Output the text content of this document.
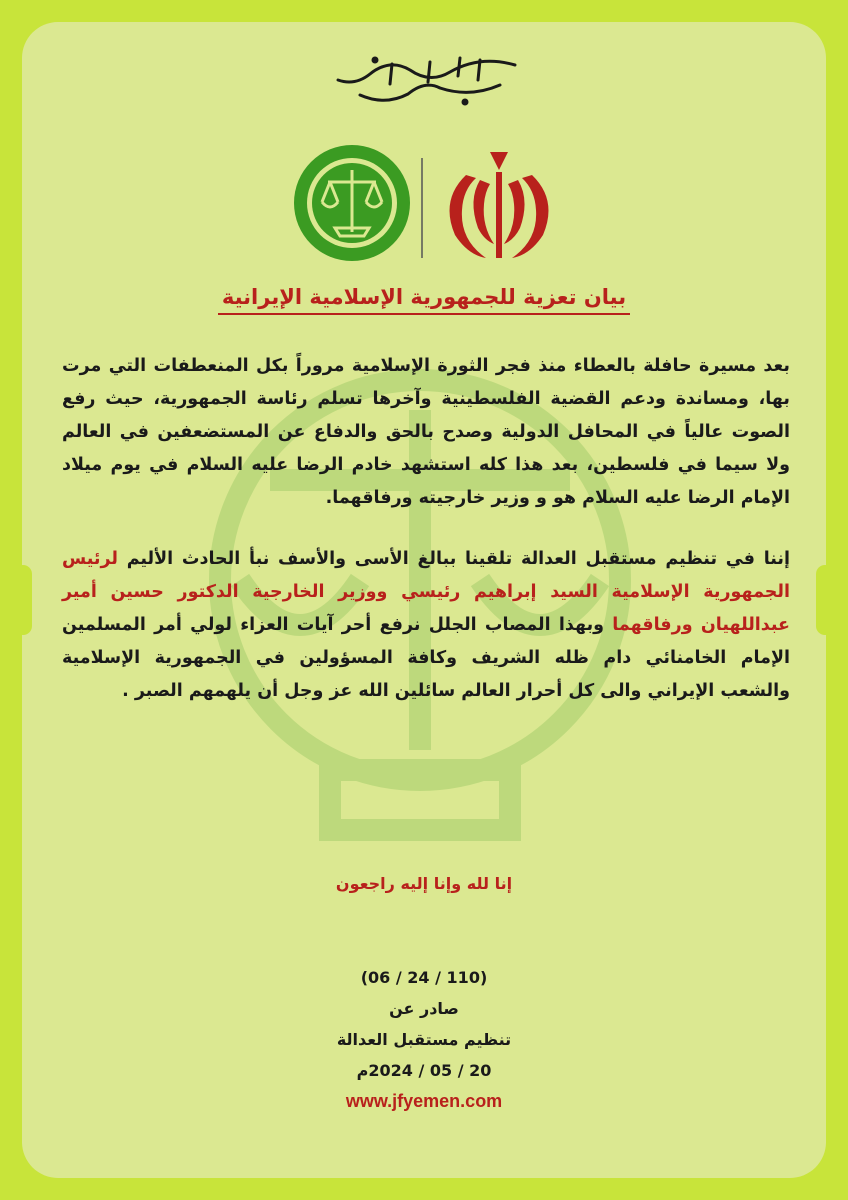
بيان تعزية للجمهورية الإسلامية الإيرانية

بعد مسيرة حافلة بالعطاء منذ فجر الثورة الإسلامية مروراً بكل المنعطفات التي مرت بها، ومساندة ودعم القضية الفلسطينية وآخرها تسلم رئاسة الجمهورية، حيث رفع الصوت عالياً في المحافل الدولية وصدح بالحق والدفاع عن المستضعفين في العالم ولا سيما في فلسطين، بعد هذا كله استشهد خادم الرضا عليه السلام في يوم ميلاد الإمام الرضا عليه السلام هو و وزير خارجيته ورفاقهما.

إننا في تنظيم مستقبل العدالة تلقينا ببالغ الأسى والأسف نبأ الحادث الأليم لرئيس الجمهورية الإسلامية السيد إبراهيم رئيسي ووزير الخارجية الدكتور حسين أمير عبداللهيان ورفاقهما وبهذا المصاب الجلل نرفع أحر آيات العزاء لولي أمر المسلمين الإمام الخامنائي دام ظله الشريف وكافة المسؤولين في الجمهورية الإسلامية والشعب الإيراني والى كل أحرار العالم سائلين الله عز وجل أن يلهمهم الصبر .

إنا لله وإنا إليه راجعون
(110 / 24 / 06)
صادر عن
تنظيم مستقبل العدالة
20 / 05 / 2024م
www.jfyemen.com
